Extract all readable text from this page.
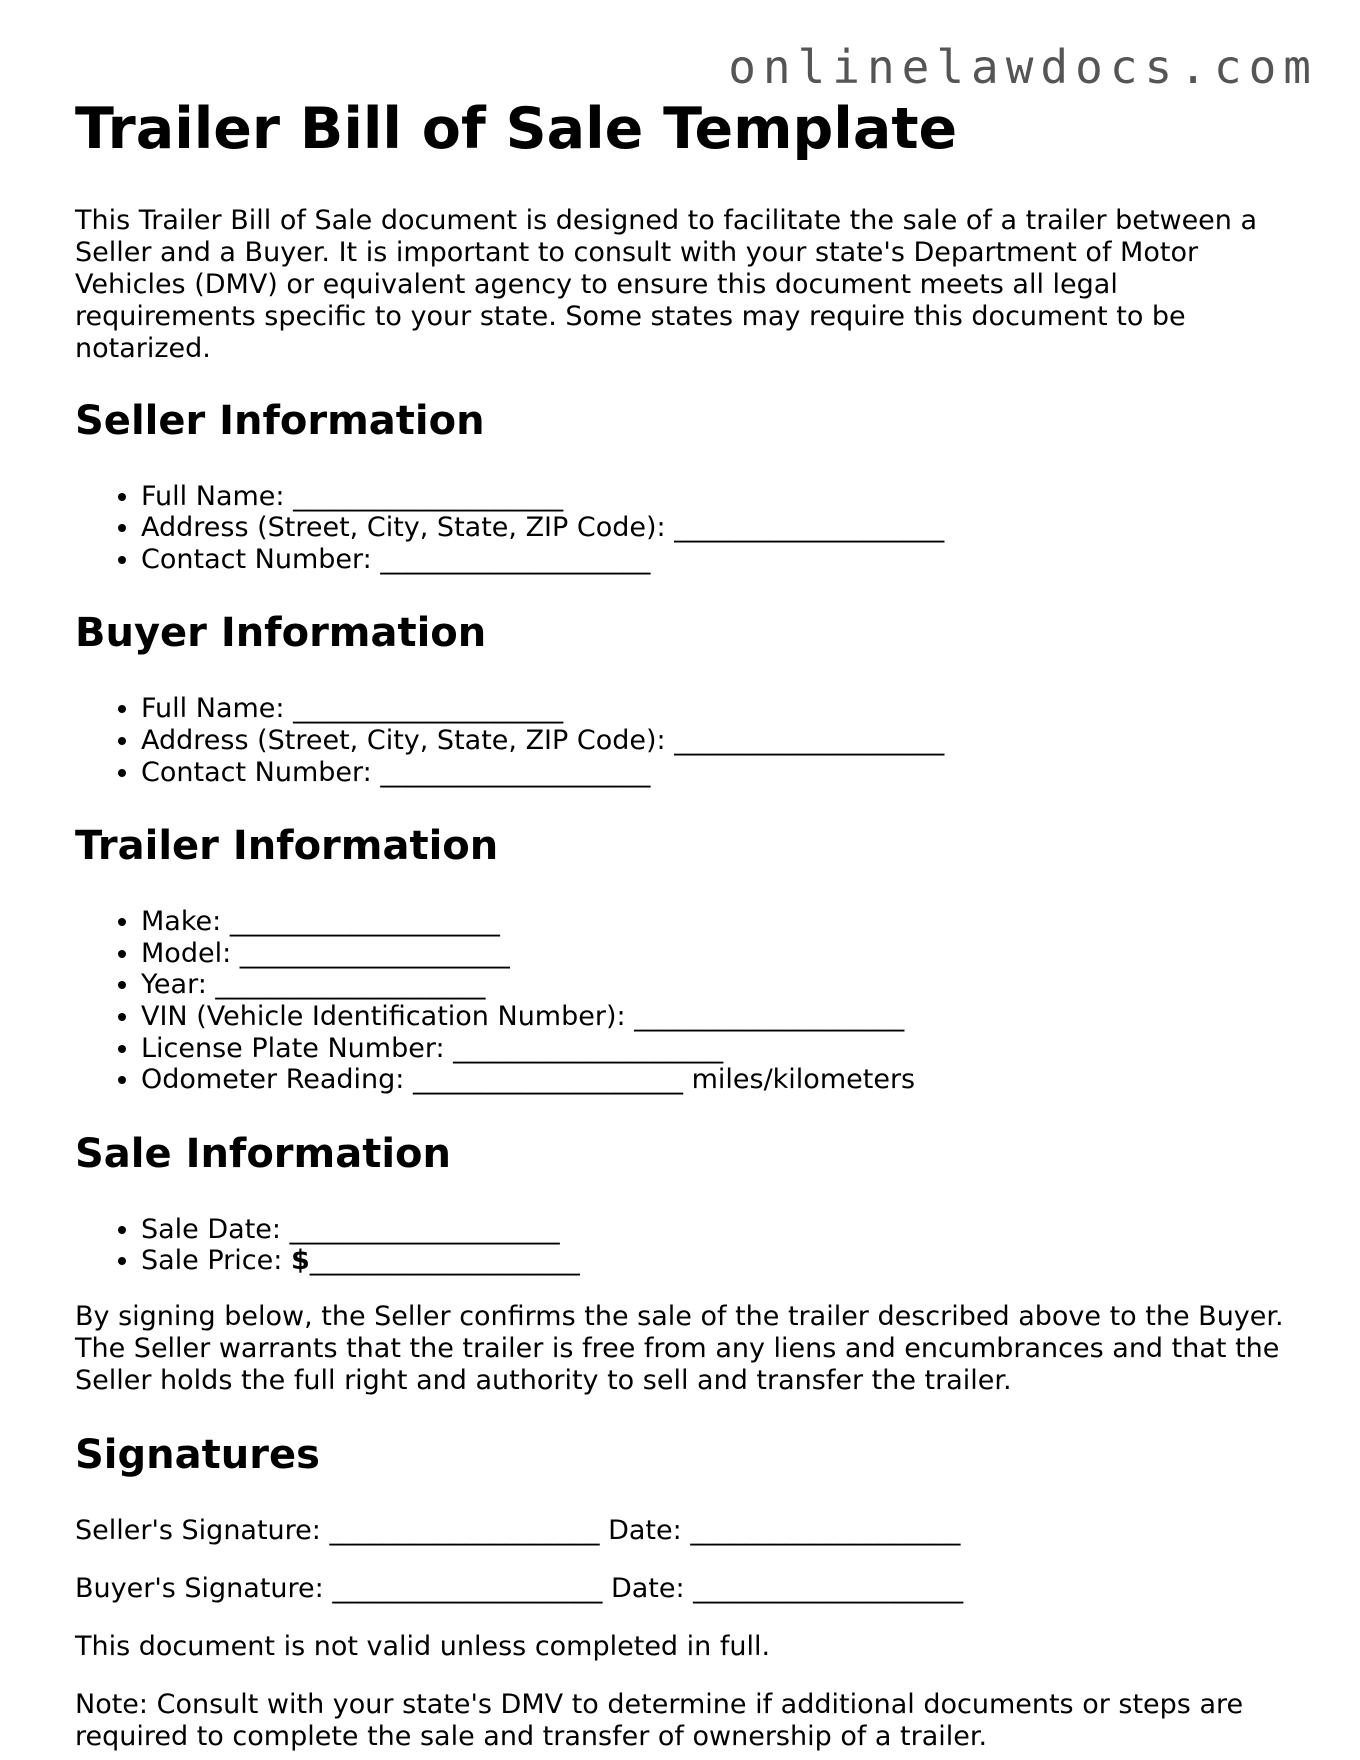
onlinelawdocs.com
Trailer Bill of Sale Template

This Trailer Bill of Sale document is designed to facilitate the sale of a trailer between a Seller and a Buyer. It is important to consult with your state's Department of Motor Vehicles (DMV) or equivalent agency to ensure this document meets all legal requirements specific to your state. Some states may require this document to be notarized.

Seller Information
• Full Name: ____________________
• Address (Street, City, State, ZIP Code): ____________________
• Contact Number: ____________________
Buyer Information
• Full Name: ____________________
• Address (Street, City, State, ZIP Code): ____________________
• Contact Number: ____________________
Trailer Information
• Make: ____________________
• Model: ____________________
• Year: ____________________
• VIN (Vehicle Identification Number): ____________________
• License Plate Number: ____________________
• Odometer Reading: ____________________ miles/kilometers
Sale Information
• Sale Date: ____________________
• Sale Price: $____________________

By signing below, the Seller confirms the sale of the trailer described above to the Buyer. The Seller warrants that the trailer is free from any liens and encumbrances and that the Seller holds the full right and authority to sell and transfer the trailer.

Signatures

Seller's Signature: ____________________ Date: ____________________

Buyer's Signature: ____________________ Date: ____________________

This document is not valid unless completed in full.

Note: Consult with your state's DMV to determine if additional documents or steps are required to complete the sale and transfer of ownership of a trailer.
